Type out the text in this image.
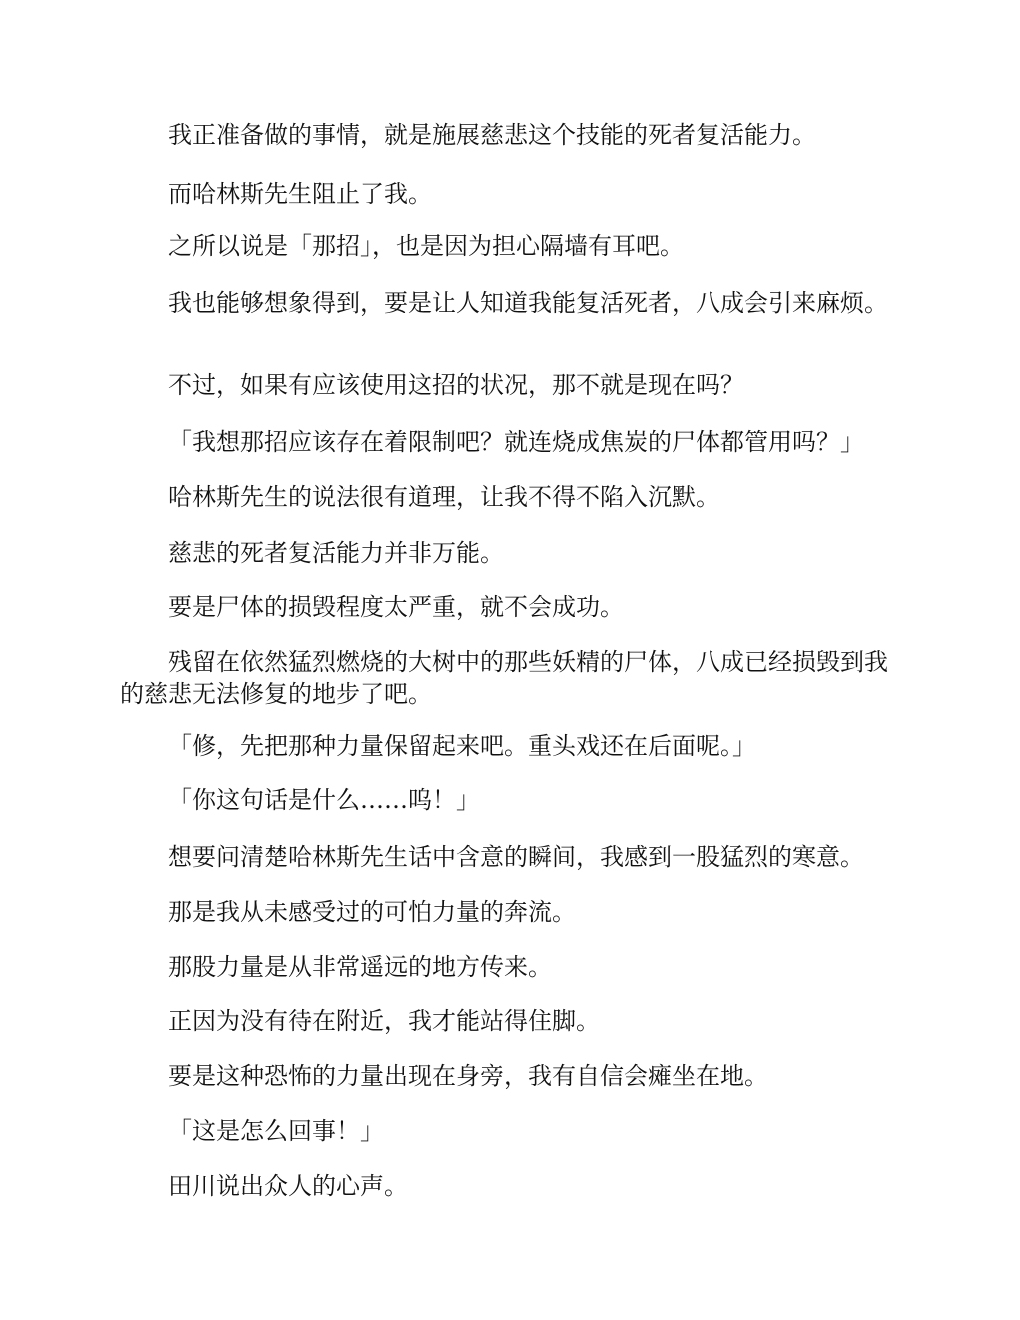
我正准备做的事情，就是施展慈悲这个技能的死者复活能力。

而哈林斯先生阻止了我。

之所以说是「那招」，也是因为担心隔墙有耳吧。

我也能够想象得到，要是让人知道我能复活死者，八成会引来麻烦。

不过，如果有应该使用这招的状况，那不就是现在吗？

「我想那招应该存在着限制吧？就连烧成焦炭的尸体都管用吗？」

哈林斯先生的说法很有道理，让我不得不陷入沉默。

慈悲的死者复活能力并非万能。

要是尸体的损毁程度太严重，就不会成功。

残留在依然猛烈燃烧的大树中的那些妖精的尸体，八成已经损毁到我的慈悲无法修复的地步了吧。

「修，先把那种力量保留起来吧。重头戏还在后面呢。」

「你这句话是什么……呜！」

想要问清楚哈林斯先生话中含意的瞬间，我感到一股猛烈的寒意。

那是我从未感受过的可怕力量的奔流。

那股力量是从非常遥远的地方传来。

正因为没有待在附近，我才能站得住脚。

要是这种恐怖的力量出现在身旁，我有自信会瘫坐在地。

「这是怎么回事！」

田川说出众人的心声。
